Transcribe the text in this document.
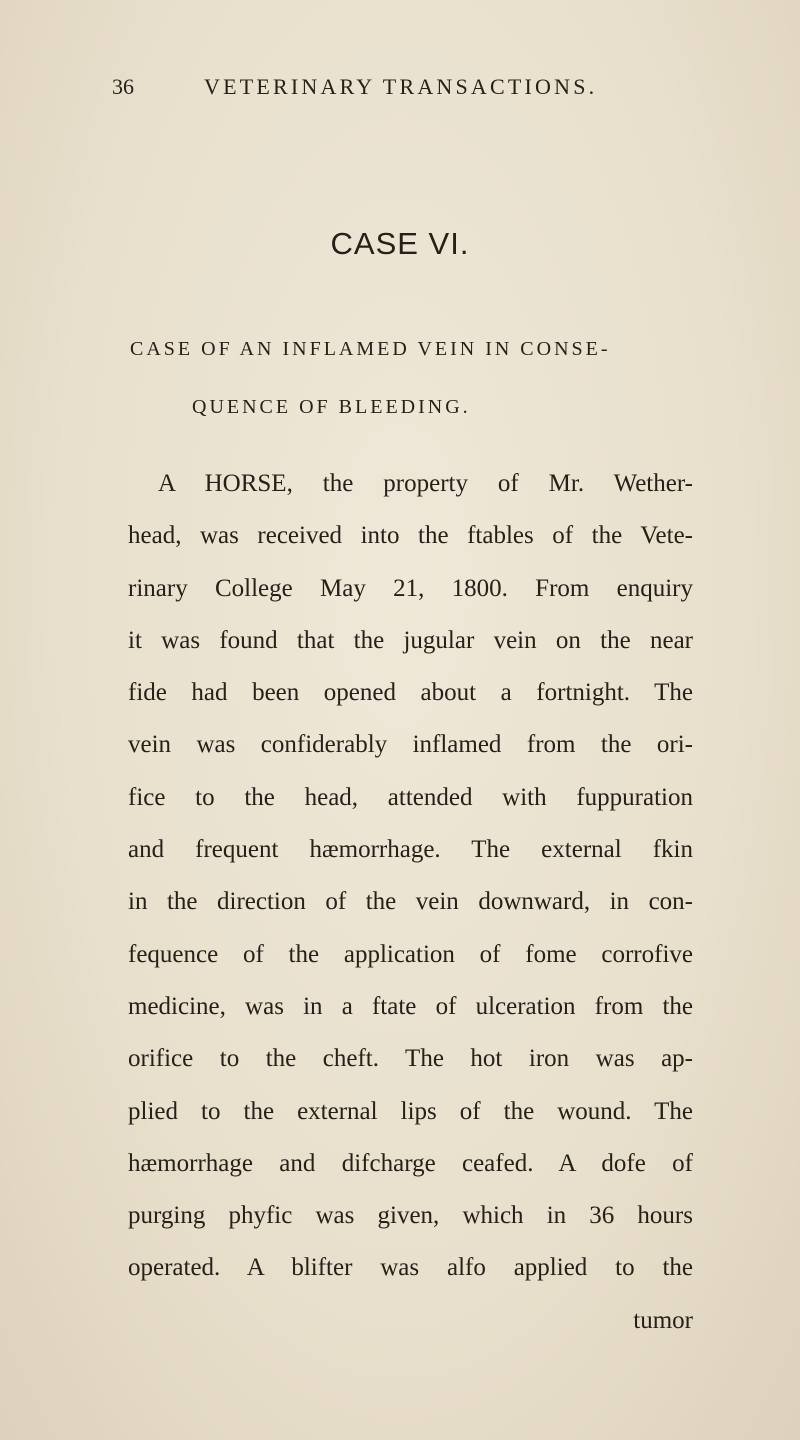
36	VETERINARY TRANSACTIONS.
CASE VI.
CASE OF AN INFLAMED VEIN IN CONSE-
QUENCE OF BLEEDING.
A HORSE, the property of Mr. Wether-
head, was received into the ftables of the Vete-
rinary College May 21, 1800. From enquiry
it was found that the jugular vein on the near
fide had been opened about a fortnight. The
vein was confiderably inflamed from the ori-
fice to the head, attended with fuppuration
and frequent hæmorrhage. The external fkin
in the direction of the vein downward, in con-
fequence of the application of fome corrofive
medicine, was in a ftate of ulceration from the
orifice to the cheft. The hot iron was ap-
plied to the external lips of the wound. The
hæmorrhage and difcharge ceafed. A dofe of
purging phyfic was given, which in 36 hours
operated. A blifter was alfo applied to the
tumor
